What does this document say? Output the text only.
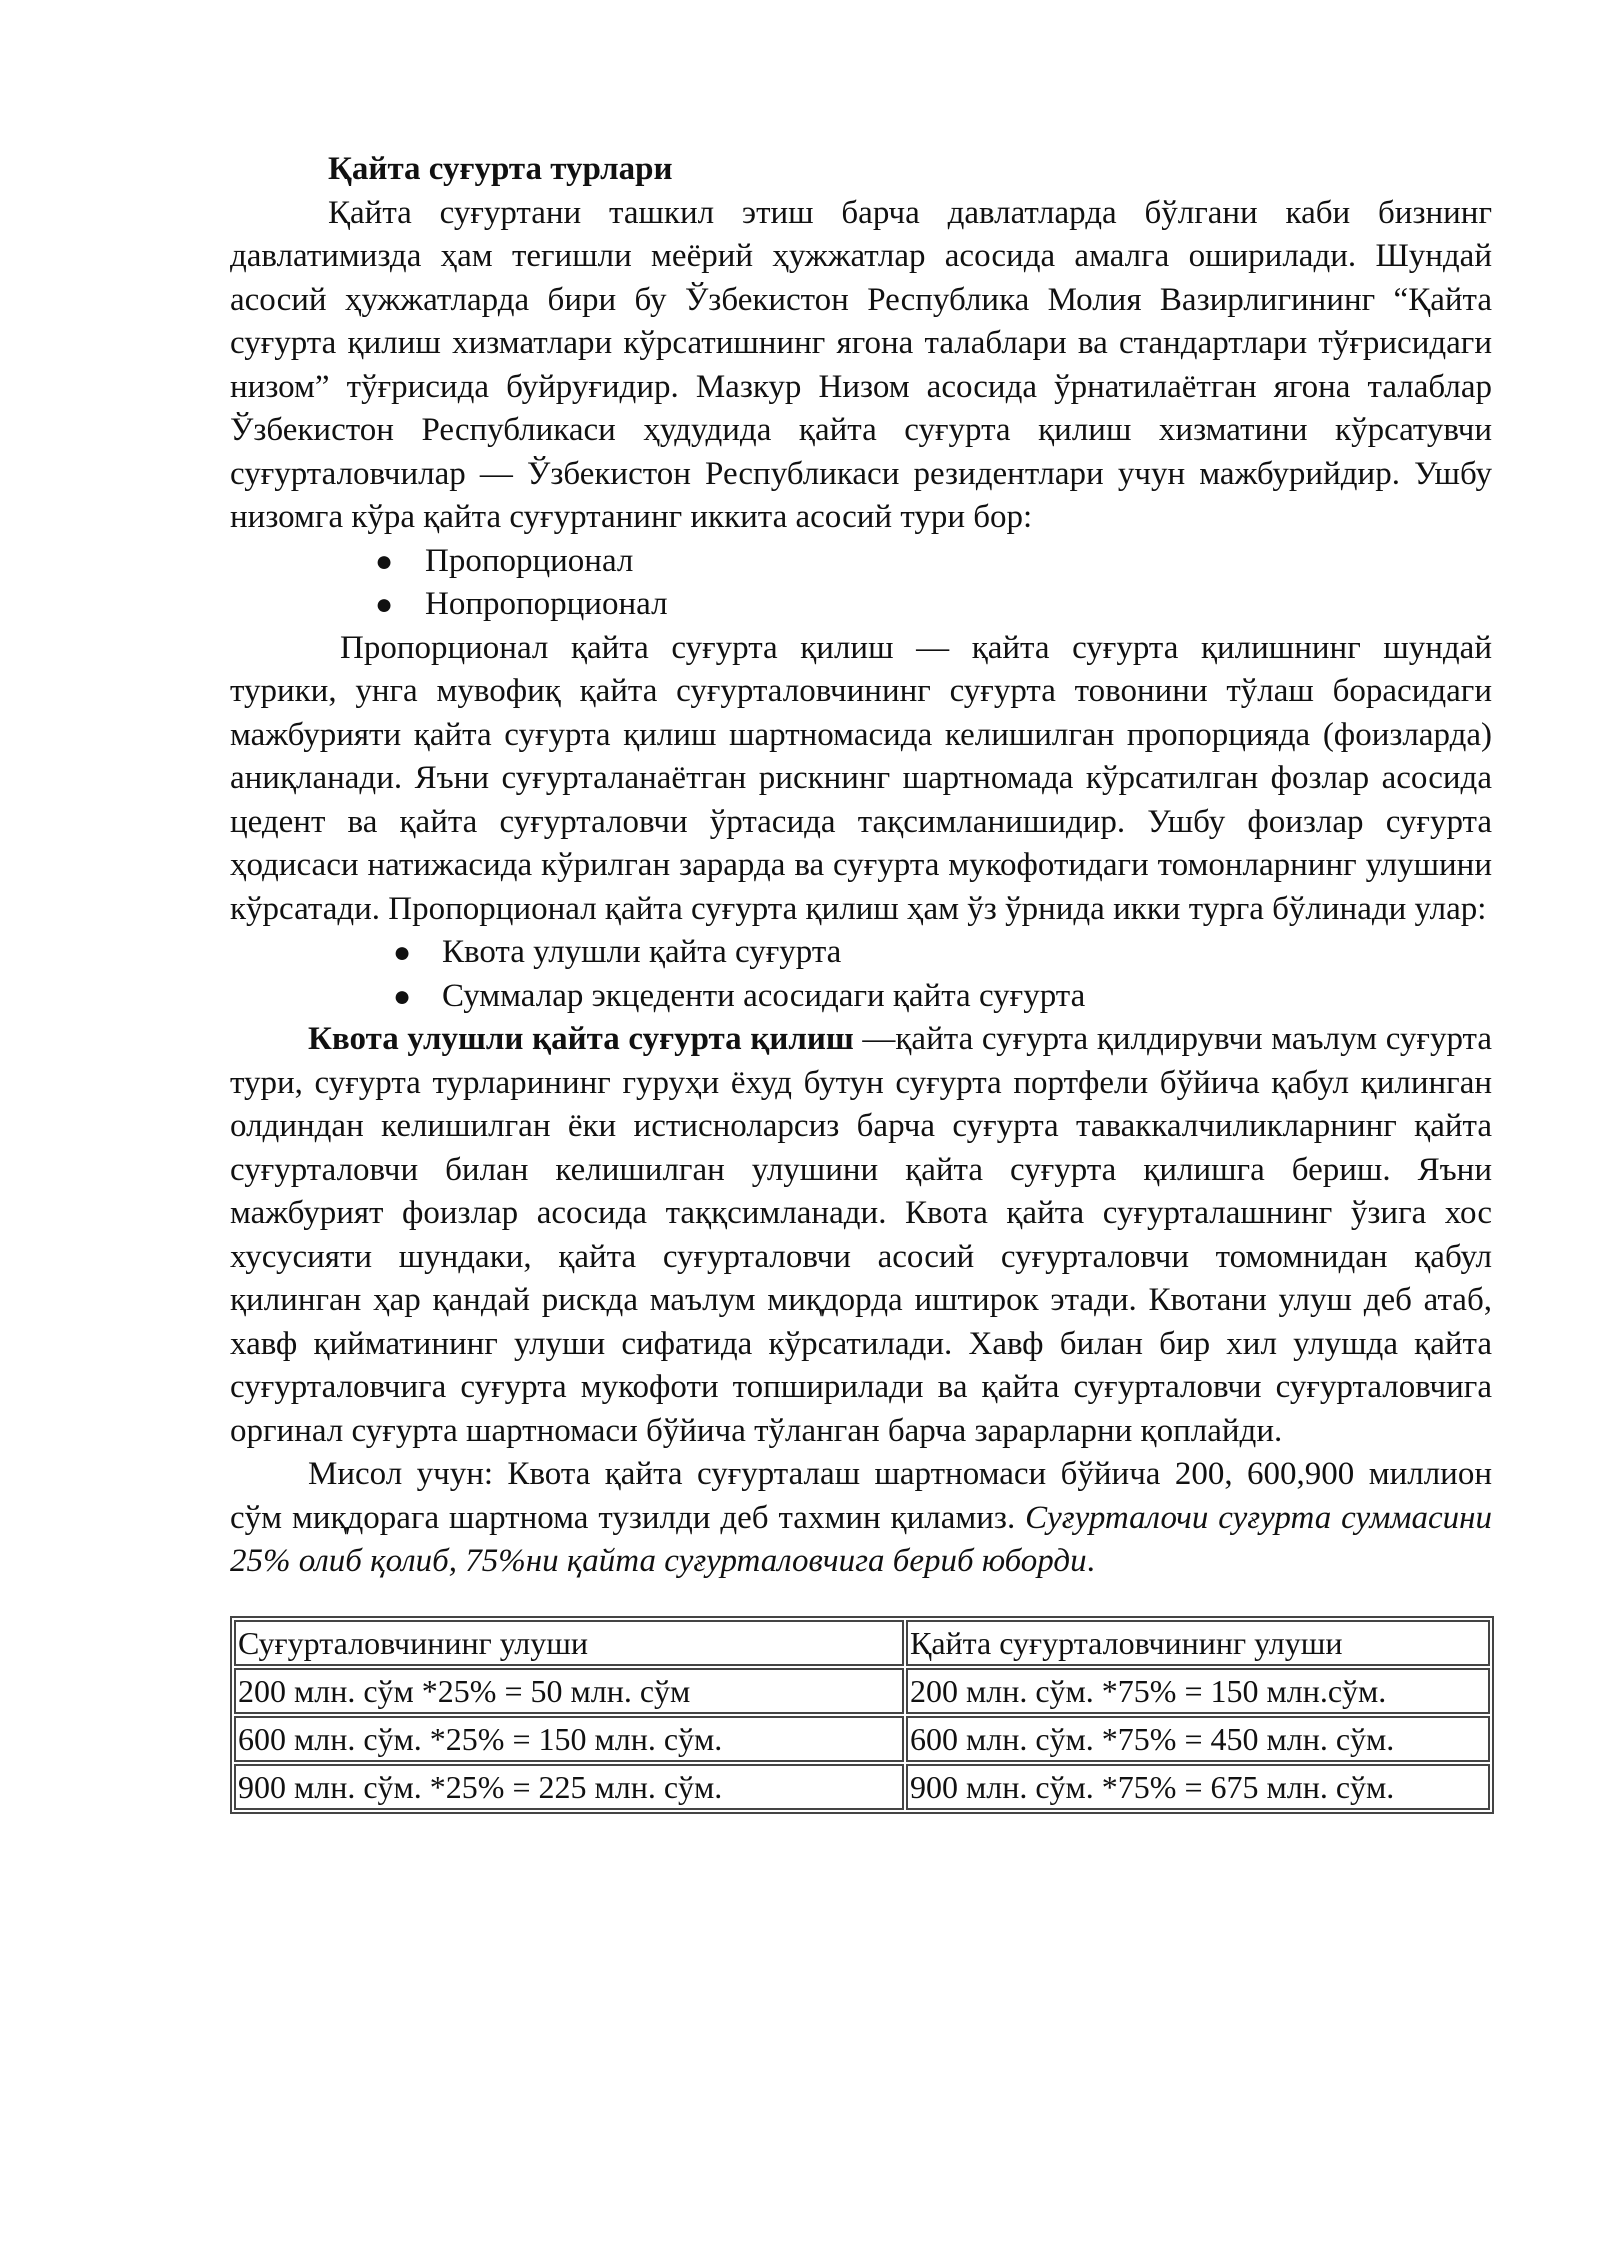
Қайта суғурта турлари

Қайта суғуртани ташкил этиш барча давлатларда бўлгани каби бизнинг давлатимизда ҳам тегишли меёрий ҳужжатлар асосида амалга оширилади. Шундай асосий ҳужжатларда бири бу Ўзбекистон Республика Молия Вазирлигининг “Қайта суғурта қилиш хизматлари кўрсатишнинг ягона талаблари ва стандартлари тўғрисидаги низом” тўғрисида буйруғидир. Мазкур Низом асосида ўрнатилаётган ягона талаблар Ўзбекистон Республикаси ҳудудида қайта суғурта қилиш хизматини кўрсатувчи суғурталовчилар — Ўзбекистон Республикаси резидентлари учун мажбурийдир. Ушбу низомга кўра қайта суғуртанинг иккита асосий тури бор:

● Пропорционал
● Нопропорционал

Пропорционал қайта суғурта қилиш — қайта суғурта қилишнинг шундай турики, унга мувофиқ қайта суғурталовчининг суғурта товонини тўлаш борасидаги мажбурияти қайта суғурта қилиш шартномасида келишилган пропорцияда (фоизларда) аниқланади. Яъни суғурталанаётган рискнинг шартномада кўрсатилган фозлар асосида цедент ва қайта суғурталовчи ўртасида тақсимланишидир. Ушбу фоизлар суғурта ҳодисаси натижасида кўрилган зарарда ва суғурта мукофотидаги томонларнинг улушини кўрсатади. Пропорционал қайта суғурта қилиш ҳам ўз ўрнида икки турга бўлинади улар:

● Квота улушли қайта суғурта
● Суммалар экцеденти асосидаги қайта суғурта

Квота улушли қайта суғурта қилиш —қайта суғурта қилдирувчи маълум суғурта тури, суғурта турларининг гуруҳи ёхуд бутун суғурта портфели бўйича қабул қилинган олдиндан келишилган ёки истисноларсиз барча суғурта таваккалчиликларнинг қайта суғурталовчи билан келишилган улушини қайта суғурта қилишга бериш. Яъни мажбурият фоизлар асосида таққсимланади. Квота қайта суғурталашнинг ўзига хос хусусияти шундаки, қайта суғурталовчи асосий суғурталовчи томомнидан қабул қилинган ҳар қандай рискда маълум миқдорда иштирок этади. Квотани улуш деб атаб, хавф қийматининг улуши сифатида кўрсатилади. Хавф билан бир хил улушда қайта суғурталовчига суғурта мукофоти топширилади ва қайта суғурталовчи суғурталовчига оргинал суғурта шартномаси бўйича тўланган барча зарарларни қоплайди.

Мисол учун: Квота қайта суғурталаш шартномаси бўйича 200, 600,900 миллион сўм миқдорага шартнома тузилди деб тахмин қиламиз. Суғурталочи суғурта суммасини 25% олиб қолиб, 75%ни қайта суғурталовчига бериб юборди.

Суғурталовчининг улуши	Қайта суғурталовчининг улуши
200 млн. сўм *25% = 50 млн. сўм	200 млн. сўм. *75% = 150 млн.сўм.
600 млн. сўм. *25% = 150 млн. сўм.	600 млн. сўм. *75% = 450 млн. сўм.
900 млн. сўм. *25% = 225 млн. сўм.	900 млн. сўм. *75% = 675 млн. сўм.
